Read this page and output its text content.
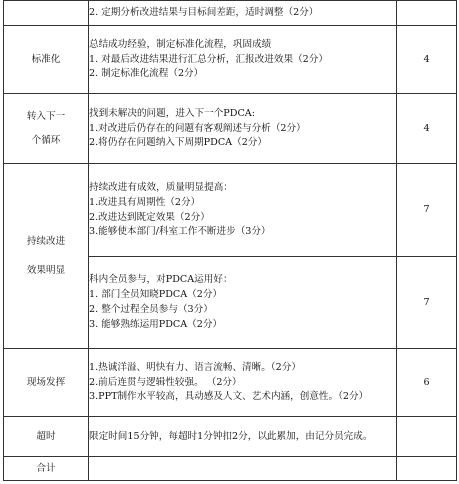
	2. 定期分析改进结果与目标间差距，适时调整（2分）	

标准化	总结成功经验，制定标准化流程，巩固成绩
1. 对最后改进结果进行汇总分析，汇报改进效果（2分）
2. 制定标准化流程（2分）	4

转入下一
个循环	找到未解决的问题，进入下一个PDCA:
1.对改进后仍存在的问题有客观阐述与分析（2分）
2.将仍存在问题纳入下周期PDCA（2分）	4

持续改进
效果明显	持续改进有成效，质量明显提高：
1.改进具有周期性（2分）
2.改进达到既定效果（2分）
3.能够使本部门/科室工作不断进步（3分）	7

	科内全员参与，对PDCA运用好：
1. 部门全员知晓PDCA（2分）
2. 整个过程全员参与（3分）
3. 能够熟练运用PDCA（2分）	7

现场发挥	1.热诚洋溢、明快有力、语言流畅、清晰。（2分）
2.前后连贯与逻辑性较强。 （2分）
3.PPT制作水平较高，具动感及人文、艺术内涵，创意性。（2分）	6

超时	限定时间15分钟，每超时1分钟扣2分，以此累加，由记分员完成。	

合计		
